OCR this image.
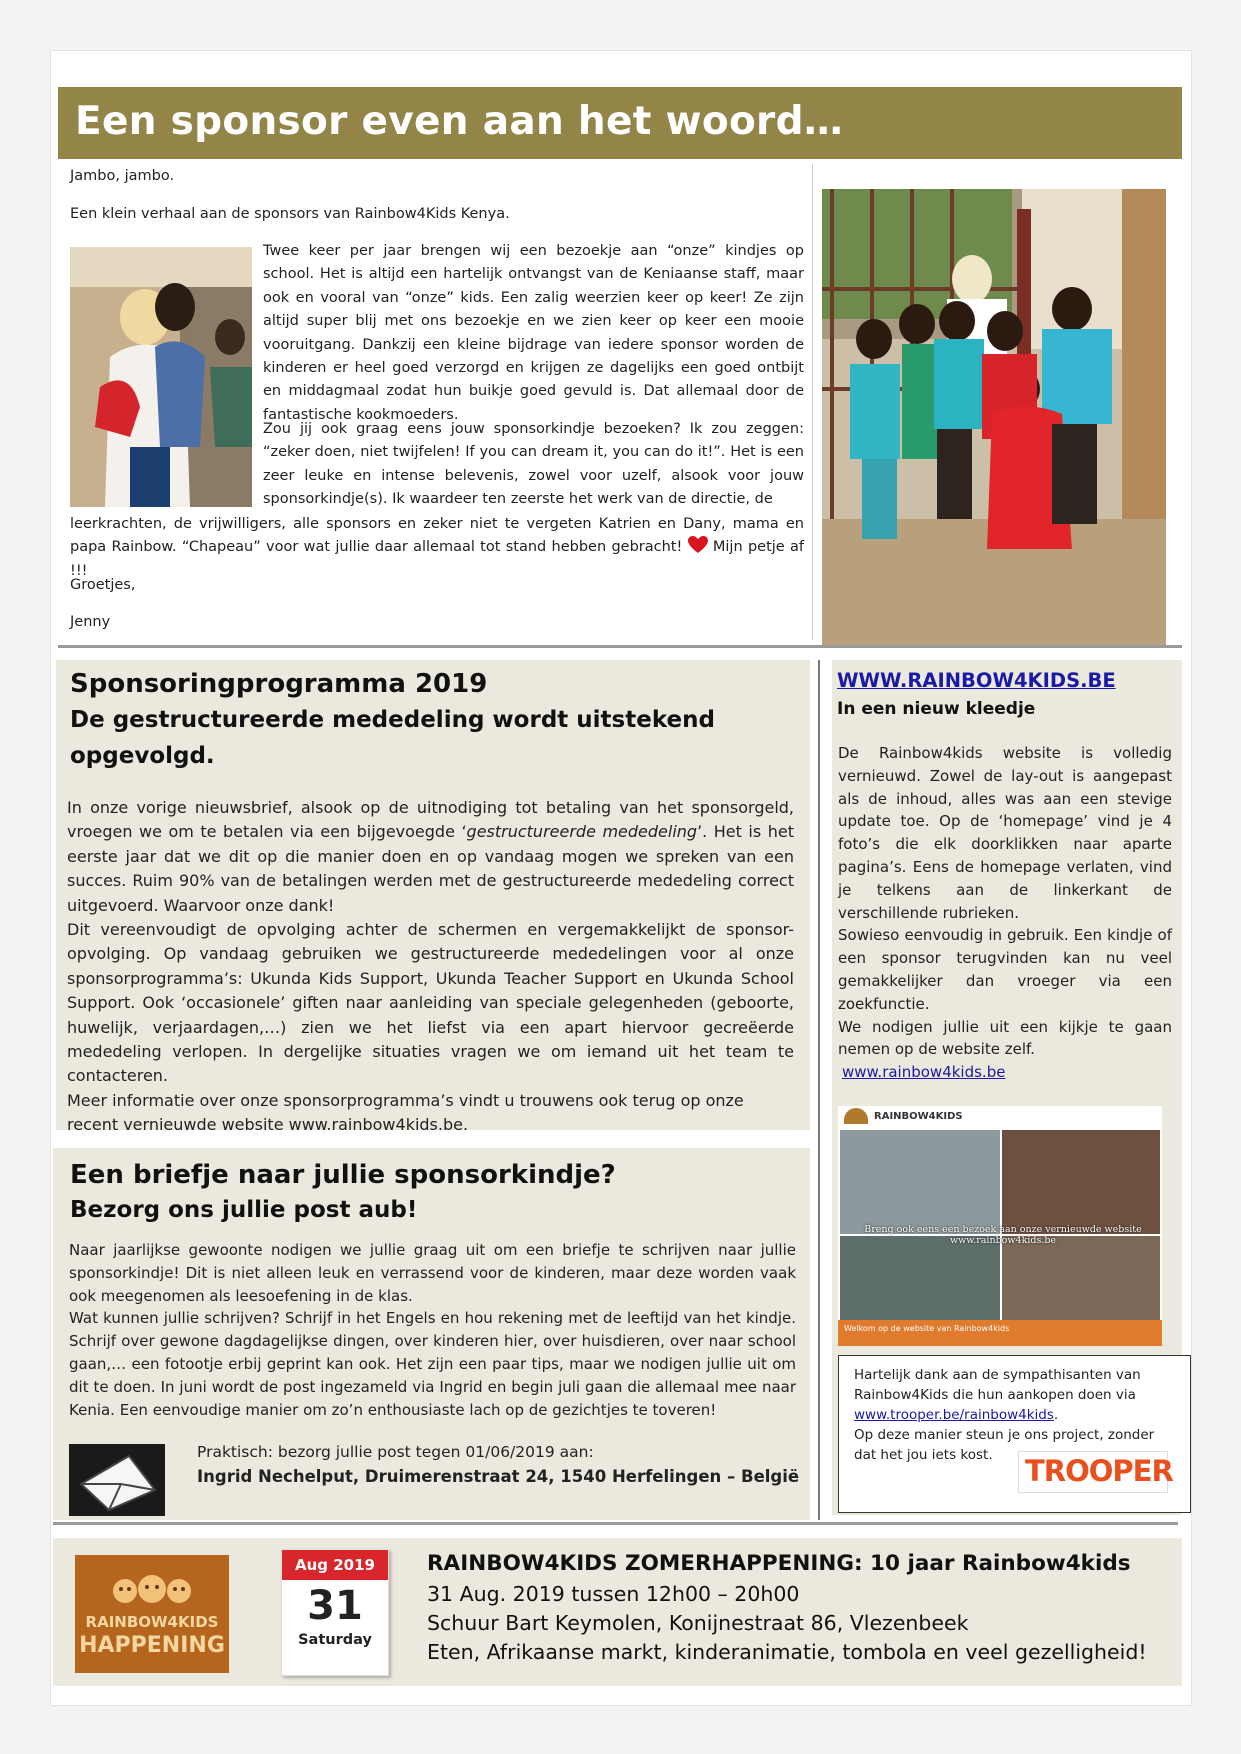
Een sponsor even aan het woord…

Jambo, jambo.

Een klein verhaal aan de sponsors van Rainbow4Kids Kenya.

Twee keer per jaar brengen wij een bezoekje aan “onze” kindjes op school. Het is altijd een hartelijk ontvangst van de Keniaanse staff, maar ook en vooral van “onze” kids. Een zalig weerzien keer op keer! Ze zijn altijd super blij met ons bezoekje en we zien keer op keer een mooie vooruitgang. Dankzij een kleine bijdrage van iedere sponsor worden de kinderen er heel goed verzorgd en krijgen ze dagelijks een goed ontbijt en middagmaal zodat hun buikje goed gevuld is. Dat allemaal door de fantastische kookmoeders.

Zou jij ook graag eens jouw sponsorkindje bezoeken? Ik zou zeggen: “zeker doen, niet twijfelen! If you can dream it, you can do it!”. Het is een zeer leuke en intense belevenis, zowel voor uzelf, alsook voor jouw sponsorkindje(s). Ik waardeer ten zeerste het werk van de directie, de

leerkrachten, de vrijwilligers, alle sponsors en zeker niet te vergeten Katrien en Dany, mama en papa Rainbow. “Chapeau” voor wat jullie daar allemaal tot stand hebben gebracht! Mijn petje af !!!

Groetjes,

Jenny

Sponsoringprogramma 2019
De gestructureerde mededeling wordt uitstekend opgevolgd.
In onze vorige nieuwsbrief, alsook op de uitnodiging tot betaling van het sponsorgeld, vroegen we om te betalen via een bijgevoegde ‘gestructureerde mededeling’. Het is het eerste jaar dat we dit op die manier doen en op vandaag mogen we spreken van een succes. Ruim 90% van de betalingen werden met de gestructureerde mededeling correct uitgevoerd. Waarvoor onze dank!
Dit vereenvoudigt de opvolging achter de schermen en vergemakkelijkt de sponsor-opvolging. Op vandaag gebruiken we gestructureerde mededelingen voor al onze sponsorprogramma’s: Ukunda Kids Support, Ukunda Teacher Support en Ukunda School Support. Ook ‘occasionele’ giften naar aanleiding van speciale gelegenheden (geboorte, huwelijk, verjaardagen,…) zien we het liefst via een apart hiervoor gecreëerde mededeling verlopen. In dergelijke situaties vragen we om iemand uit het team te contacteren.
Meer informatie over onze sponsorprogramma’s vindt u trouwens ook terug op onze recent vernieuwde website www.rainbow4kids.be.
Een briefje naar jullie sponsorkindje?
Bezorg ons jullie post aub!
Naar jaarlijkse gewoonte nodigen we jullie graag uit om een briefje te schrijven naar jullie sponsorkindje! Dit is niet alleen leuk en verrassend voor de kinderen, maar deze worden vaak ook meegenomen als leesoefening in de klas.
Wat kunnen jullie schrijven? Schrijf in het Engels en hou rekening met de leeftijd van het kindje. Schrijf over gewone dagdagelijkse dingen, over kinderen hier, over huisdieren, over naar school gaan,… een fotootje erbij geprint kan ook. Het zijn een paar tips, maar we nodigen jullie uit om dit te doen. In juni wordt de post ingezameld via Ingrid en begin juli gaan die allemaal mee naar Kenia. Een eenvoudige manier om zo’n enthousiaste lach op de gezichtjes te toveren!
Praktisch: bezorg jullie post tegen 01/06/2019 aan:
Ingrid Nechelput, Druimerenstraat 24, 1540 Herfelingen – België
WWW.RAINBOW4KIDS.BE
In een nieuw kleedje
De Rainbow4kids website is volledig vernieuwd. Zowel de lay-out is aangepast als de inhoud, alles was aan een stevige update toe. Op de ‘homepage’ vind je 4 foto’s die elk doorklikken naar aparte pagina’s. Eens de homepage verlaten, vind je telkens aan de linkerkant de verschillende rubrieken.
Sowieso eenvoudig in gebruik. Een kindje of een sponsor terugvinden kan nu veel gemakkelijker dan vroeger via een zoekfunctie.
We nodigen jullie uit een kijkje te gaan nemen op de website zelf.
www.rainbow4kids.be
RAINBOW4KIDS
Breng ook eens een bezoek aan onze vernieuwde website www.rainbow4kids.be
Welkom op de website van Rainbow4kids
Hartelijk dank aan de sympathisanten van Rainbow4Kids die hun aankopen doen via www.trooper.be/rainbow4kids.
Op deze manier steun je ons project, zonder dat het jou iets kost.	TROOPER
RAINBOW4KIDS
HAPPENING
Aug 2019
31
Saturday
RAINBOW4KIDS ZOMERHAPPENING: 10 jaar Rainbow4kids
31 Aug. 2019 tussen 12h00 – 20h00
Schuur Bart Keymolen, Konijnestraat 86, Vlezenbeek
Eten, Afrikaanse markt, kinderanimatie, tombola en veel gezelligheid!
